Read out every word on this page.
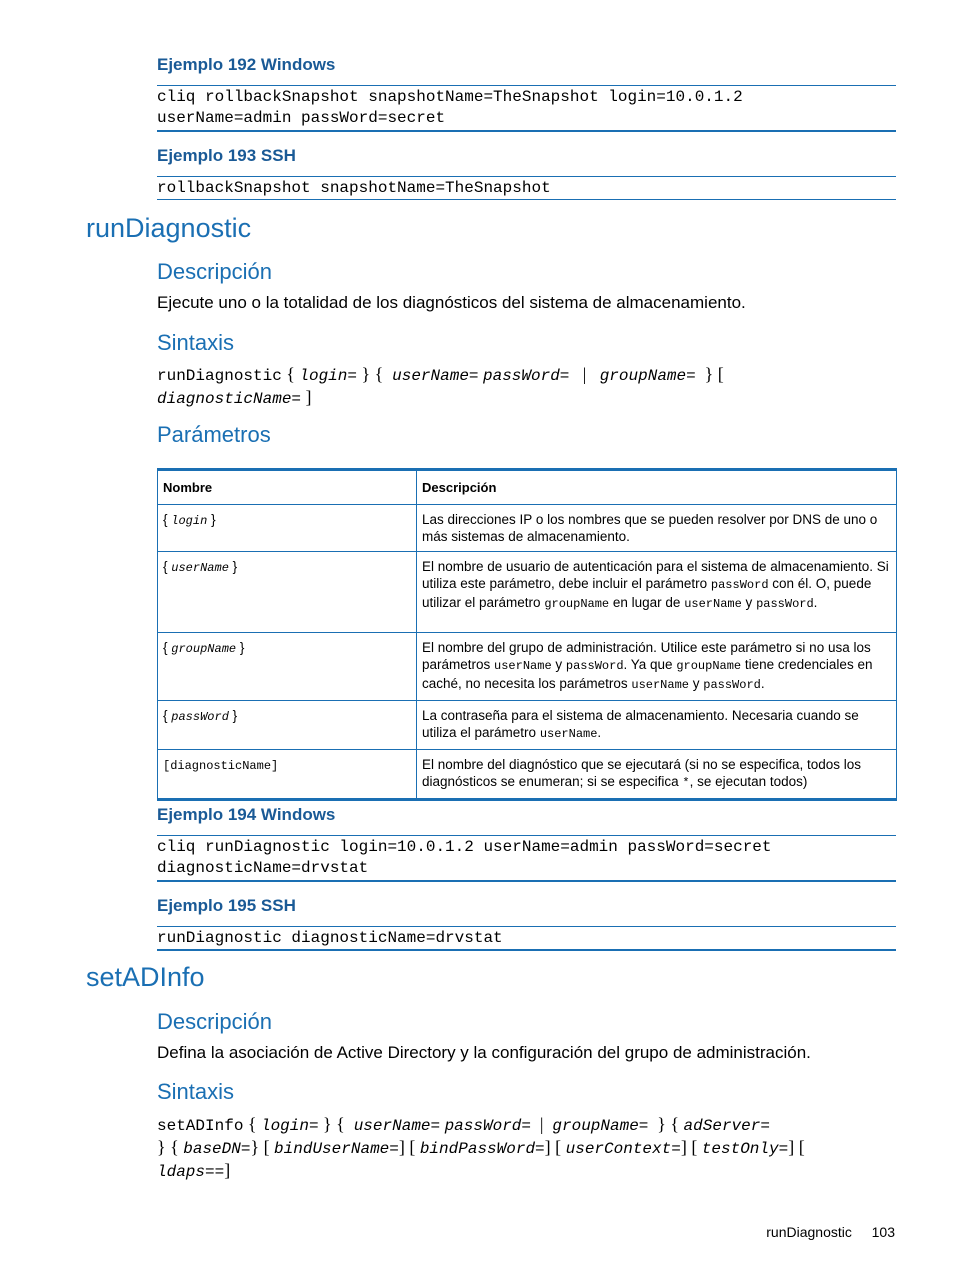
Ejemplo 192 Windows
cliq rollbackSnapshot snapshotName=TheSnapshot login=10.0.1.2
userName=admin passWord=secret
Ejemplo 193 SSH
rollbackSnapshot snapshotName=TheSnapshot
runDiagnostic
Descripción
Ejecute uno o la totalidad de los diagnósticos del sistema de almacenamiento.
Sintaxis
runDiagnostic { login= } { userName= passWord= | groupName= } [
diagnosticName= ]
Parámetros
Nombre	Descripción
{ login }	Las direcciones IP o los nombres que se pueden resolver por DNS de uno o más sistemas de almacenamiento.
{ userName }	El nombre de usuario de autenticación para el sistema de almacenamiento. Si utiliza este parámetro, debe incluir el parámetro passWord con él. O, puede utilizar el parámetro groupName en lugar de userName y passWord.
{ groupName }	El nombre del grupo de administración. Utilice este parámetro si no usa los parámetros userName y passWord. Ya que groupName tiene credenciales en caché, no necesita los parámetros userName y passWord.
{ passWord }	La contraseña para el sistema de almacenamiento. Necesaria cuando se utiliza el parámetro userName.
[diagnosticName]	El nombre del diagnóstico que se ejecutará (si no se especifica, todos los diagnósticos se enumeran; si se especifica *, se ejecutan todos)
Ejemplo 194 Windows
cliq runDiagnostic login=10.0.1.2 userName=admin passWord=secret
diagnosticName=drvstat
Ejemplo 195 SSH
runDiagnostic diagnosticName=drvstat
setADInfo
Descripción
Defina la asociación de Active Directory y la configuración del grupo de administración.
Sintaxis
setADInfo { login= } { userName= passWord= | groupName= } { adServer=
} { baseDN=} [ bindUserName=] [ bindPassWord=] [ userContext=] [ testOnly=] [
ldaps==]
runDiagnostic 103
